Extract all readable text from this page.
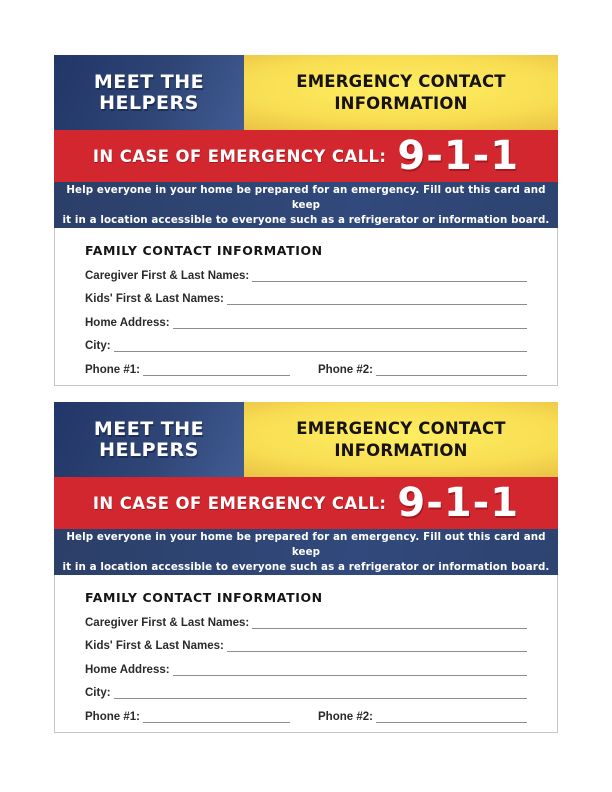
MEET THE
HELPERS
EMERGENCY CONTACT
INFORMATION
IN CASE OF EMERGENCY CALL: 9-1-1
Help everyone in your home be prepared for an emergency. Fill out this card and keep
it in a location accessible to everyone such as a refrigerator or information board.
FAMILY CONTACT INFORMATION
Caregiver First & Last Names:
Kids' First & Last Names:
Home Address:
City:
Phone #1:	Phone #2:
MEET THE
HELPERS
EMERGENCY CONTACT
INFORMATION
IN CASE OF EMERGENCY CALL: 9-1-1
Help everyone in your home be prepared for an emergency. Fill out this card and keep
it in a location accessible to everyone such as a refrigerator or information board.
FAMILY CONTACT INFORMATION
Caregiver First & Last Names:
Kids' First & Last Names:
Home Address:
City:
Phone #1:	Phone #2:
